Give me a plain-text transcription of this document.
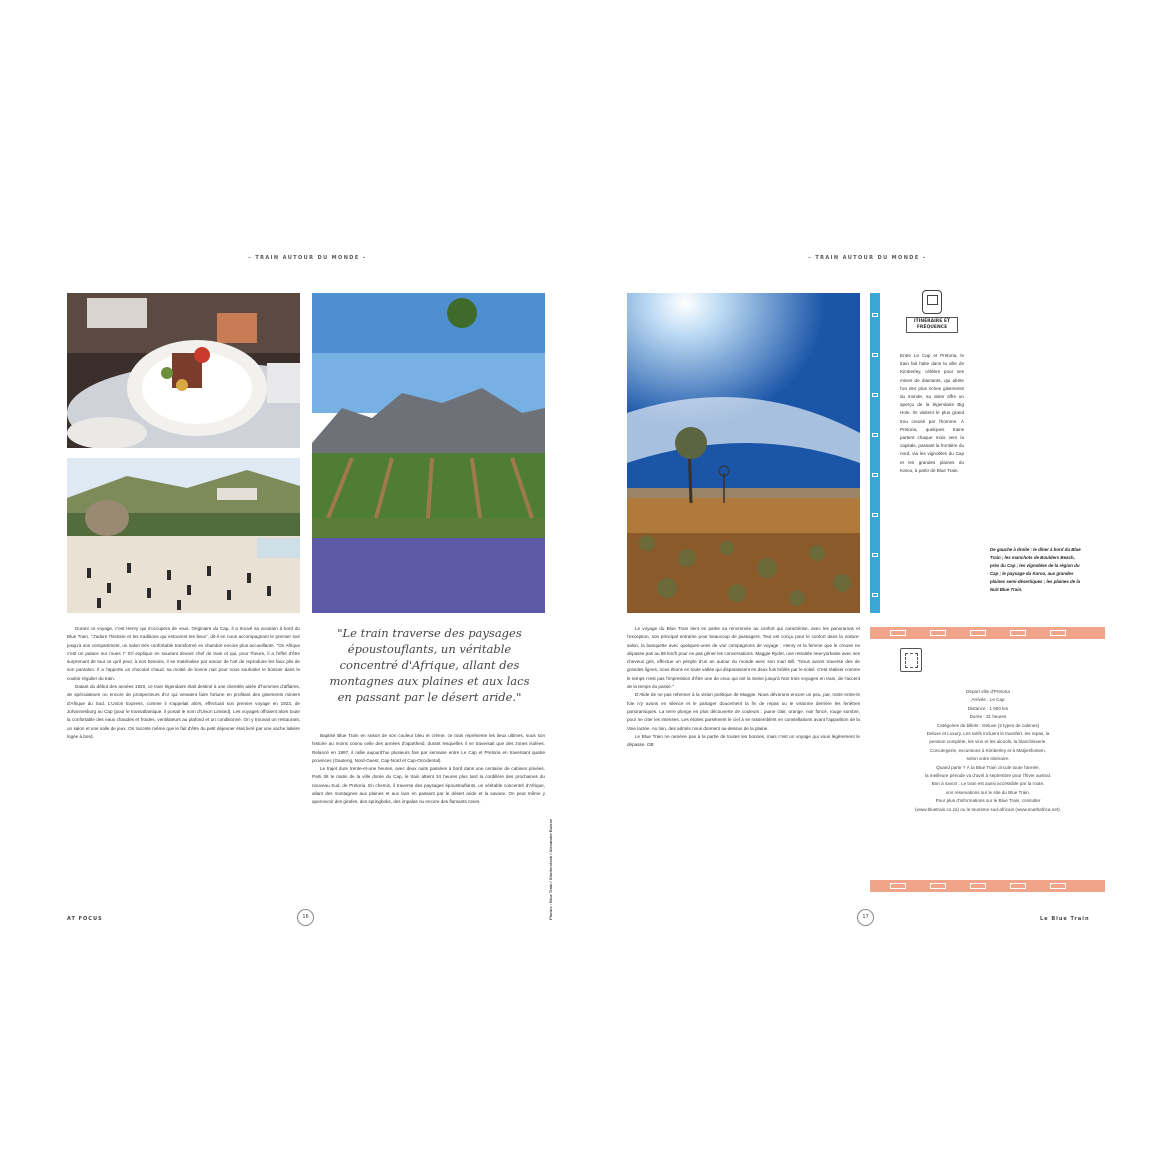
– TRAIN AUTOUR DU MONDE –

Durant ce voyage, c'est Henry qui s'occupera de vous. Originaire du Cap, il a trouvé sa vocation à bord du Blue Train. "J'adore l'histoire et les traditions qui entourent les lieux", dit-il en nous accompagnant le premier soir jusqu'à son compartiment, un salon très confortable transformé en chambre encore plus accueillante. "On Afrique c'est un palace sur roues !" S'il explique en souriant devant chef de train et qui, pour l'heure, il a l'effet d'être surprenant de tout ce qu'il peut, à nos besoins, il se matérialise par amour de l'art de reproduire les faux plis de son pantalon. Il a l'apporte un chocolat chaud, sa moitié de bonne nuit pour nous souhaiter le bonsoir dans le couloir régulier du train.

Datant du début des années 1920, ce train légendaire était destiné à une clientèle aisée d'hommes d'affaires, de spéculateurs ou encore de prospecteurs d'or qui venaient faire fortune en profitant des gisements miniers d'Afrique du Sud. L'Union Express, comme il s'appelait alors, effectuait son premier voyage en 1923, de Johannesburg au Cap (pour le transatlantique, il portait le nom d'Union Limited). Les voyages offraient alors toute la confortable des eaux chaudes et froides, ventilateurs au plafond et un conditionné. On y trouvait un restaurant, un salon et une salle de jeux. On raconte même que le fait d'être du petit déjeuner était livré par une vache laitière logée à bord.

"Le train traverse des paysages époustouflants, un véritable concentré d'Afrique, allant des montagnes aux plaines et aux lacs en passant par le désert aride."

Baptisé Blue Train en raison de son couleur bleu et crème, ce train représente les lieux ultimes, sous son histoire au moins connu celle des années d'apartheid, durant lesquelles il ne traversait que des zones isolées. Relancé en 1997, il rallie aujourd'hui plusieurs fois par semaine entre Le Cap et Pretoria en traversant quatre provinces (Gauteng, Nord-Ouest, Cap-Nord et Cap-Occidental).

Le trajet dure trente-et-une heures, avec deux nuits passées à bord dans une centaine de cabines privées. Parti tôt le matin de la ville dorée du Cap, le train atteint 34 heures plus tard la cordillère des prochaines du nouveau Sud, de Pretoria. En chemin, il traverse des paysages époustouflants, un véritable concentré d'Afrique, allant des montagnes aux plaines et aux lacs en passant par le désert aride et la savane. On peut même y apercevoir des girafes, des springboks, des impalas ou encore des flamants roses.

Photos : Blue Train / Shutterstock / Alexandre Buisse
AT FOCUS	16
– TRAIN AUTOUR DU MONDE –
ITINÉRAIRE ET FRÉQUENCE
Entre Le Cap et Pretoria, le train fait halte dans la ville de Kimberley, célèbre pour ses mines de diamants, qui abrite l'un des plus riches gisements du monde, sa visite offre un aperçu de la légendaire Big Hole. Ils visitent le plus grand trou creusé par l'homme. À Pretoria, quelques trains partent chaque mois vers la capitale, passant la frontière du nord, via les vignobles du Cap et les grandes plaines du Karoo, à partir de Blue Train.
De gauche à droite : le dîner à bord du Blue Train ; les manchots de Boulders Beach, près du Cap ; les vignobles de la région du Cap ; le paysage du Karoo, aux grandes plaines semi-désertiques ; les plaines de la Nuit Blue Train.

Le voyage du Blue Train tient en partie sa renommée au confort qui caractérise, avec les panoramas et l'exception, son principal entraîne pour beaucoup de passagers. Tout est conçu pour le confort dans la voiture-salon, la banquette avec quelques-unes de voir compagnons de voyage : Henry et la femme que le creuse ne dépasse pas au 88 km/h pour ne pas gêner les conversations. Maggie Ryder, une retraitée new-yorkaise avec ses cheveux gris, effectue un périple d'un an autour du monde avec son mari Bill. "Nous avons traversé des de grandes lignes, nous étions en toute vallée qui disparaissent en deux fois brûlés par le soleil. C'est réaliser comme le temps n'est pas l'impression d'être une de ceux qui ont la Seine jusqu'à Nos trois voyages en train, de l'accent de la temps du passé."

D'Alide de ne pas refermer à la vision poétique de Maggie. Nous dévorons encore un peu, par, notre entre-le foie n'y avons en silence et le partager doucement la fin de repas ou le visionne derrière les fenêtres panoramiques. La terre plonge en plus découverte de couleurs : jaune clair, orange, noir foncé, rouge sombre, pour ne citer les intenses. Les étoiles parsèment le ciel à se rassemblent en constellations avant l'apparition de la Voie lactée. Au loin, des adroits nous donnent au-dessus de la plaine.

Le Blue Train ne ramène pas à la partie de toutes les bonnes, mais c'est un voyage qui vous légèrement le dépasse. OB

Départ ville d'Pretoria
Arrivée : Le Cap
Distance : 1 600 km
Durée : 31 heures
Catégories de billets : Deluxe (2 types de cabines)
Deluxe et Luxury. Les tarifs incluent le transfert, les repas, la
pension complète, les vins et les alcools, la blanchisserie.
Conciergerie, excursions à Kimberley et à Matjiesfontein,
selon votre itinéraire.
Quand partir ? À la Blue Train circule toute l'année,
la meilleure période va d'avril à septembre pour l'hiver austral.
Bon à savoir : Le train est aussi accessible par la route,
voir réservations sur le site du Blue Train.
Pour plus d'informations sur le Blue Train, consulter
(www.bluetrain.co.za) ou le tourisme sud-africain (www.southafrica.net).
17	Le Blue Train
